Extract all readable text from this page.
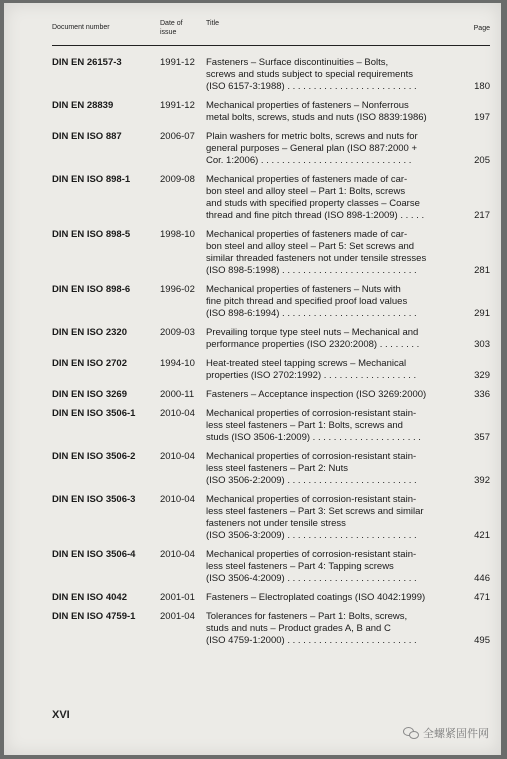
Document number
Date of
issue
Title
Page
DIN EN 26157-3	1991-12 Fasteners – Surface discontinuities – Bolts,
screws and studs subject to special requirements
(ISO 6157-3:1988) . . . . . . . . . . . . . . . . . . . . . . . . .	180
DIN EN 28839	1991-12 Mechanical properties of fasteners – Nonferrous
metal bolts, screws, studs and nuts (ISO 8839:1986)	197
DIN EN ISO 887	2006-07 Plain washers for metric bolts, screws and nuts for
general purposes – General plan (ISO 887:2000 +
Cor. 1:2006) . . . . . . . . . . . . . . . . . . . . . . . . . . . . .	205
DIN EN ISO 898-1	2009-08 Mechanical properties of fasteners made of car-
bon steel and alloy steel – Part 1: Bolts, screws
and studs with specified property classes – Coarse
thread and fine pitch thread (ISO 898-1:2009) . . . . .	217
DIN EN ISO 898-5	1998-10 Mechanical properties of fasteners made of car-
bon steel and alloy steel – Part 5: Set screws and
similar threaded fasteners not under tensile stresses
(ISO 898-5:1998) . . . . . . . . . . . . . . . . . . . . . . . . . .	281
DIN EN ISO 898-6	1996-02 Mechanical properties of fasteners – Nuts with
fine pitch thread and specified proof load values
(ISO 898-6:1994) . . . . . . . . . . . . . . . . . . . . . . . . . .	291
DIN EN ISO 2320	2009-03 Prevailing torque type steel nuts – Mechanical and
performance properties (ISO 2320:2008) . . . . . . . .	303
DIN EN ISO 2702	1994-10 Heat-treated steel tapping screws – Mechanical
properties (ISO 2702:1992) . . . . . . . . . . . . . . . . . .	329
DIN EN ISO 3269	2000-11 Fasteners – Acceptance inspection (ISO 3269:2000)	336
DIN EN ISO 3506-1	2010-04 Mechanical properties of corrosion-resistant stain-
less steel fasteners – Part 1: Bolts, screws and
studs (ISO 3506-1:2009) . . . . . . . . . . . . . . . . . . . . .	357
DIN EN ISO 3506-2	2010-04 Mechanical properties of corrosion-resistant stain-
less steel fasteners – Part 2: Nuts
(ISO 3506-2:2009) . . . . . . . . . . . . . . . . . . . . . . . . .	392
DIN EN ISO 3506-3	2010-04 Mechanical properties of corrosion-resistant stain-
less steel fasteners – Part 3: Set screws and similar
fasteners not under tensile stress
(ISO 3506-3:2009) . . . . . . . . . . . . . . . . . . . . . . . . .	421
DIN EN ISO 3506-4	2010-04 Mechanical properties of corrosion-resistant stain-
less steel fasteners – Part 4: Tapping screws
(ISO 3506-4:2009) . . . . . . . . . . . . . . . . . . . . . . . . .	446
DIN EN ISO 4042	2001-01 Fasteners – Electroplated coatings (ISO 4042:1999)	471
DIN EN ISO 4759-1	2001-04 Tolerances for fasteners – Part 1: Bolts, screws,
studs and nuts – Product grades A, B and C
(ISO 4759-1:2000) . . . . . . . . . . . . . . . . . . . . . . . . .	495
XVI
全螺紧固件网
